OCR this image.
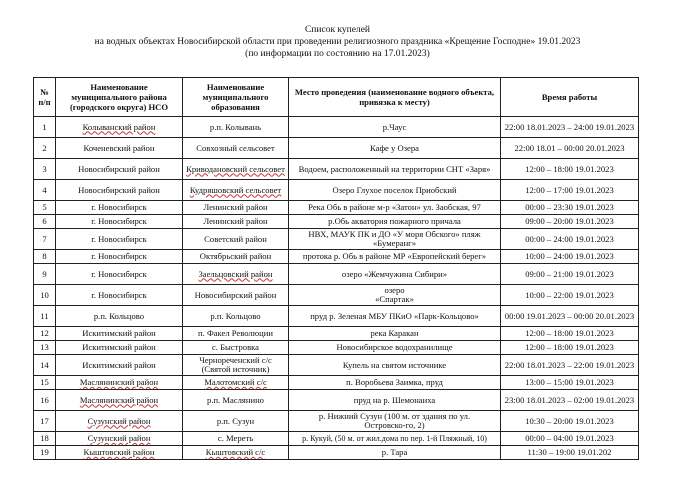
Список купелей
на водных объектах Новосибирской области при проведении религиозного праздника «Крещение Господне» 19.01.2023
(по информации по состоянию на 17.01.2023)
№ п/п	Наименование муниципального района (городского округа) НСО	Наименование муниципального образования	Место проведения (наименование водного объекта, привязка к месту)	Время работы
1	Колыванский район	р.п. Колывань	р.Чаус	22:00 18.01.2023 – 24:00 19.01.2023
2	Коченевский район	Совхозный сельсовет	Кафе у Озера	22:00 18.01 – 00:00 20.01.2023
3	Новосибирский район	Криводановский сельсовет	Водоем, расположенный на территории СНТ «Заря»	12:00 – 18:00 19.01.2023
4	Новосибирский район	Кудряшовский сельсовет	Озеро Глухое поселок Приобский	12:00 – 17:00 19.01.2023
5	г. Новосибирск	Ленинский район	Река Обь в районе м-р «Затон» ул. Заобская, 97	00:00 – 23:30 19.01.2023
6	г. Новосибирск	Ленинский район	р.Обь акватория пожарного причала	09:00 – 20:00 19.01.2023
7	г. Новосибирск	Советский район	НВХ, МАУК ПК и ДО «У моря Обского» пляж «Бумеранг»	00:00 – 24:00 19.01.2023
8	г. Новосибирск	Октябрьский район	протока р. Обь в районе МР «Европейский берег»	10:00 – 24:00 19.01.2023
9	г. Новосибирск	Заельцовский район	озеро «Жемчужина Сибири»	09:00 – 21:00 19.01.2023
10	г. Новосибирск	Новосибирский район	озеро «Спартак»	10:00 – 22:00 19.01.2023
11	р.п. Кольцово	р.п. Кольцово	пруд р. Зеленая МБУ ПКиО «Парк-Кольцово»	00:00 19.01.2023 – 00:00 20.01.2023
12	Искитимский район	п. Факел Революции	река Каракан	12:00 – 18:00 19.01.2023
13	Искитимский район	с. Быстровка	Новосибирское водохранилище	12:00 – 18:00 19.01.2023
14	Искитимский район	Чернореченский с/с (Святой источник)	Купель на святом источнике	22:00 18.01.2023 – 22:00 19.01.2023
15	Маслянинский район	Малотомский с/с	п. Воробьева Заимка, пруд	13:00 – 15:00 19.01.2023
16	Маслянинский район	р.п. Маслянино	пруд на р. Шемонаиха	23:00 18.01.2023 – 02:00 19.01.2023
17	Сузунский район	р.п. Сузун	р. Нижний Сузун (100 м. от здания по ул. Островско-го, 2)	10:30 – 20:00 19.01.2023
18	Сузунский район	с. Мереть	р. Кукуй, (50 м. от жил.дома по пер. 1-й Пляжный, 10)	00:00 – 04:00 19.01.2023
19	Кыштовский район	Кыштовский с/с	р. Тара	11:30 – 19:00 19.01.202
